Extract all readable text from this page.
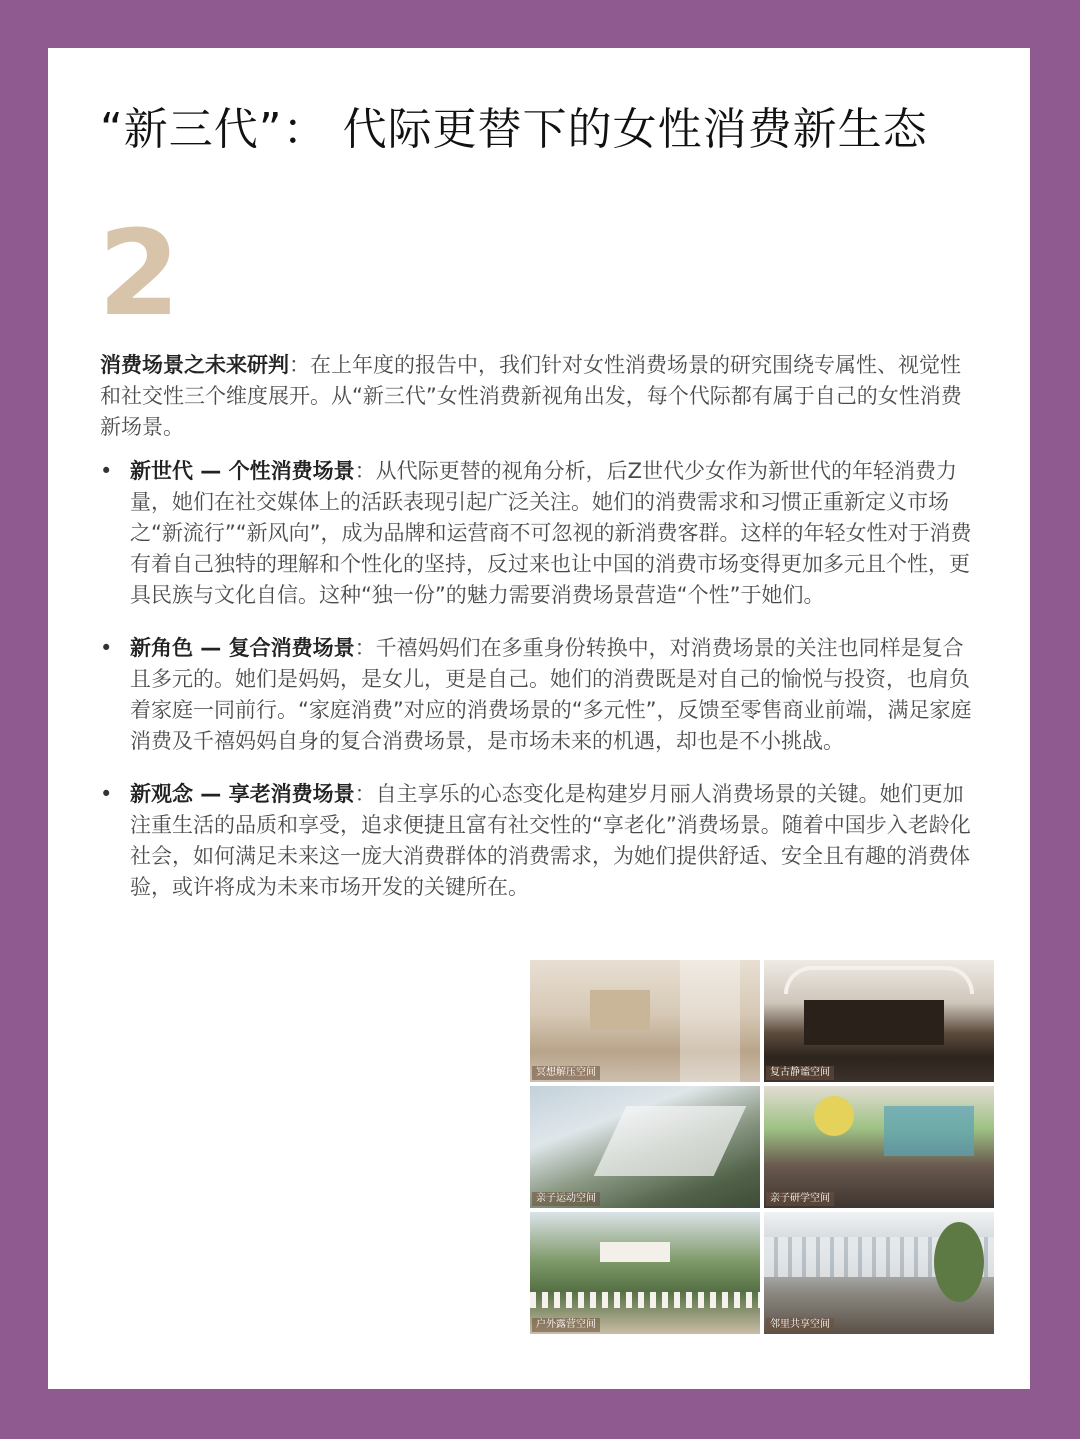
“新三代”： 代际更替下的女性消费新生态
2
消费场景之未来研判：在上年度的报告中，我们针对女性消费场景的研究围绕专属性、视觉性和社交性三个维度展开。从“新三代”女性消费新视角出发，每个代际都有属于自己的女性消费新场景。
• 新世代 — 个性消费场景：从代际更替的视角分析，后Z世代少女作为新世代的年轻消费力量，她们在社交媒体上的活跃表现引起广泛关注。她们的消费需求和习惯正重新定义市场之“新流行”“新风向”，成为品牌和运营商不可忽视的新消费客群。这样的年轻女性对于消费有着自己独特的理解和个性化的坚持，反过来也让中国的消费市场变得更加多元且个性，更具民族与文化自信。这种“独一份”的魅力需要消费场景营造“个性”于她们。
• 新角色 — 复合消费场景：千禧妈妈们在多重身份转换中，对消费场景的关注也同样是复合且多元的。她们是妈妈，是女儿，更是自己。她们的消费既是对自己的愉悦与投资，也肩负着家庭一同前行。“家庭消费”对应的消费场景的“多元性”，反馈至零售商业前端，满足家庭消费及千禧妈妈自身的复合消费场景，是市场未来的机遇，却也是不小挑战。
• 新观念 — 享老消费场景：自主享乐的心态变化是构建岁月丽人消费场景的关键。她们更加注重生活的品质和享受，追求便捷且富有社交性的“享老化”消费场景。随着中国步入老龄化社会，如何满足未来这一庞大消费群体的消费需求，为她们提供舒适、安全且有趣的消费体验，或许将成为未来市场开发的关键所在。
冥想解压空间	复古静谧空间
亲子运动空间	亲子研学空间
户外露营空间	邻里共享空间
